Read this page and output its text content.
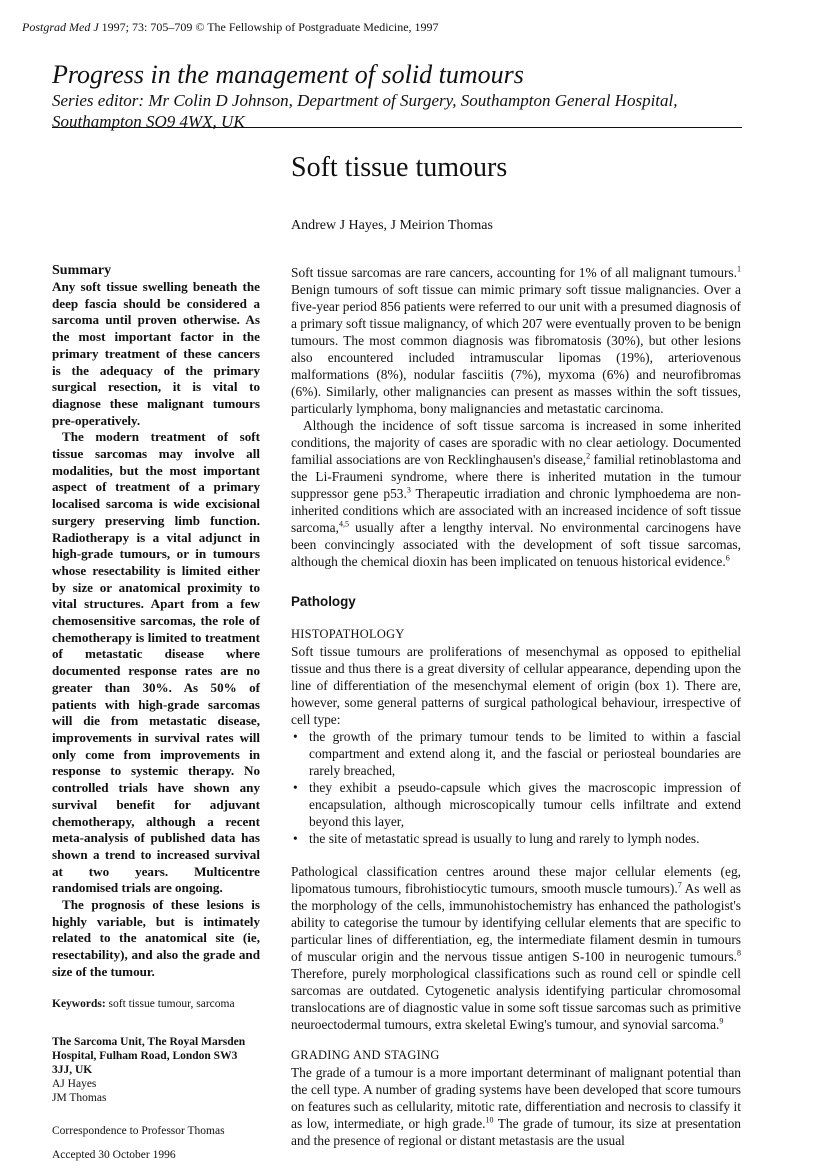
Postgrad Med J 1997; 73: 705–709 © The Fellowship of Postgraduate Medicine, 1997
Progress in the management of solid tumours
Series editor: Mr Colin D Johnson, Department of Surgery, Southampton General Hospital,
Southampton SO9 4WX, UK
Soft tissue tumours
Andrew J Hayes, J Meirion Thomas
Summary

Any soft tissue swelling beneath the deep fascia should be considered a sarcoma until proven otherwise. As the most important factor in the primary treatment of these cancers is the adequacy of the primary surgical resection, it is vital to diagnose these malignant tumours pre-operatively.

The modern treatment of soft tissue sarcomas may involve all modalities, but the most important aspect of treatment of a primary localised sarcoma is wide excisional surgery preserving limb function. Radiotherapy is a vital adjunct in high-grade tumours, or in tumours whose resectability is limited either by size or anatomical proximity to vital structures. Apart from a few chemosensitive sarcomas, the role of chemotherapy is limited to treatment of metastatic disease where documented response rates are no greater than 30%. As 50% of patients with high-grade sarcomas will die from metastatic disease, improvements in survival rates will only come from improvements in response to systemic therapy. No controlled trials have shown any survival benefit for adjuvant chemotherapy, although a recent meta-analysis of published data has shown a trend to increased survival at two years. Multicentre randomised trials are ongoing.

The prognosis of these lesions is highly variable, but is intimately related to the anatomical site (ie, resectability), and also the grade and size of the tumour.

Keywords: soft tissue tumour, sarcoma
The Sarcoma Unit, The Royal Marsden Hospital, Fulham Road, London SW3 3JJ, UK
AJ Hayes
JM Thomas
Correspondence to Professor Thomas
Accepted 30 October 1996

Soft tissue sarcomas are rare cancers, accounting for 1% of all malignant tumours.$^1$ Benign tumours of soft tissue can mimic primary soft tissue malignancies. Over a five-year period 856 patients were referred to our unit with a presumed diagnosis of a primary soft tissue malignancy, of which 207 were eventually proven to be benign tumours. The most common diagnosis was fibromatosis (30%), but other lesions also encountered included intramuscular lipomas (19%), arteriovenous malformations (8%), nodular fasciitis (7%), myxoma (6%) and neurofibromas (6%). Similarly, other malignancies can present as masses within the soft tissues, particularly lymphoma, bony malignancies and metastatic carcinoma.

Although the incidence of soft tissue sarcoma is increased in some inherited conditions, the majority of cases are sporadic with no clear aetiology. Documented familial associations are von Recklinghausen's disease,$^2$ familial retinoblastoma and the Li-Fraumeni syndrome, where there is inherited mutation in the tumour suppressor gene p53.$^3$ Therapeutic irradiation and chronic lymphoedema are non-inherited conditions which are associated with an increased incidence of soft tissue sarcoma,$^{4,5}$ usually after a lengthy interval. No environmental carcinogens have been convincingly associated with the development of soft tissue sarcomas, although the chemical dioxin has been implicated on tenuous historical evidence.$^6$

Pathology
HISTOPATHOLOGY

Soft tissue tumours are proliferations of mesenchymal as opposed to epithelial tissue and thus there is a great diversity of cellular appearance, depending upon the line of differentiation of the mesenchymal element of origin (box 1). There are, however, some general patterns of surgical pathological behaviour, irrespective of cell type:

• the growth of the primary tumour tends to be limited to within a fascial compartment and extend along it, and the fascial or periosteal boundaries are rarely breached,
• they exhibit a pseudo-capsule which gives the macroscopic impression of encapsulation, although microscopically tumour cells infiltrate and extend beyond this layer,
• the site of metastatic spread is usually to lung and rarely to lymph nodes.

Pathological classification centres around these major cellular elements (eg, lipomatous tumours, fibrohistiocytic tumours, smooth muscle tumours).$^7$ As well as the morphology of the cells, immunohistochemistry has enhanced the pathologist's ability to categorise the tumour by identifying cellular elements that are specific to particular lines of differentiation, eg, the intermediate filament desmin in tumours of muscular origin and the nervous tissue antigen S-100 in neurogenic tumours.$^8$ Therefore, purely morphological classifications such as round cell or spindle cell sarcomas are outdated. Cytogenetic analysis identifying particular chromosomal translocations are of diagnostic value in some soft tissue sarcomas such as primitive neuroectodermal tumours, extra skeletal Ewing's tumour, and synovial sarcoma.$^9$

GRADING AND STAGING

The grade of a tumour is a more important determinant of malignant potential than the cell type. A number of grading systems have been developed that score tumours on features such as cellularity, mitotic rate, differentiation and necrosis to classify it as low, intermediate, or high grade.$^{10}$ The grade of tumour, its size at presentation and the presence of regional or distant metastasis are the usual
